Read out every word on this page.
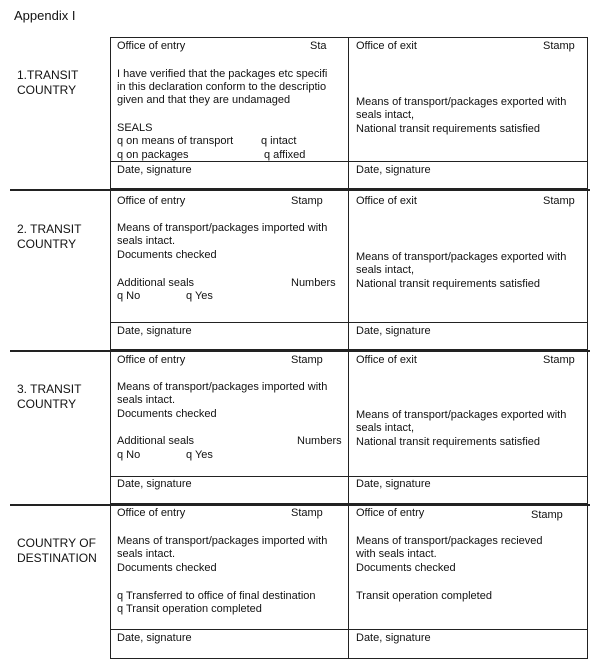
Appendix I
1.TRANSIT
COUNTRY
Office of entry	Sta
I have verified that the packages etc specifi
in this declaration conform to the descriptio
given and that they are undamaged
SEALS
q on means of transport	q intact
q on packages	q affixed
Date, signature
Office of exit	Stamp
Means of transport/packages exported with
seals intact,
National transit requirements satisfied
Date, signature
2. TRANSIT
COUNTRY
Office of entry	Stamp
Means of transport/packages imported with
seals intact.
Documents checked
Additional seals	Numbers
q No	q Yes
Date, signature
Office of exit	Stamp
Means of transport/packages exported with
seals intact,
National transit requirements satisfied
Date, signature
3. TRANSIT
COUNTRY
Office of entry	Stamp
Means of transport/packages imported with
seals intact.
Documents checked
Additional seals	Numbers
q No	q Yes
Date, signature
Office of exit	Stamp
Means of transport/packages exported with
seals intact,
National transit requirements satisfied
Date, signature
COUNTRY OF
DESTINATION
Office of entry	Stamp
Means of transport/packages imported with
seals intact.
Documents checked
q Transferred to office of final destination
q Transit operation completed
Date, signature
Office of entry	Stamp
Means of transport/packages recieved
with seals intact.
Documents checked
Transit operation completed
Date, signature
